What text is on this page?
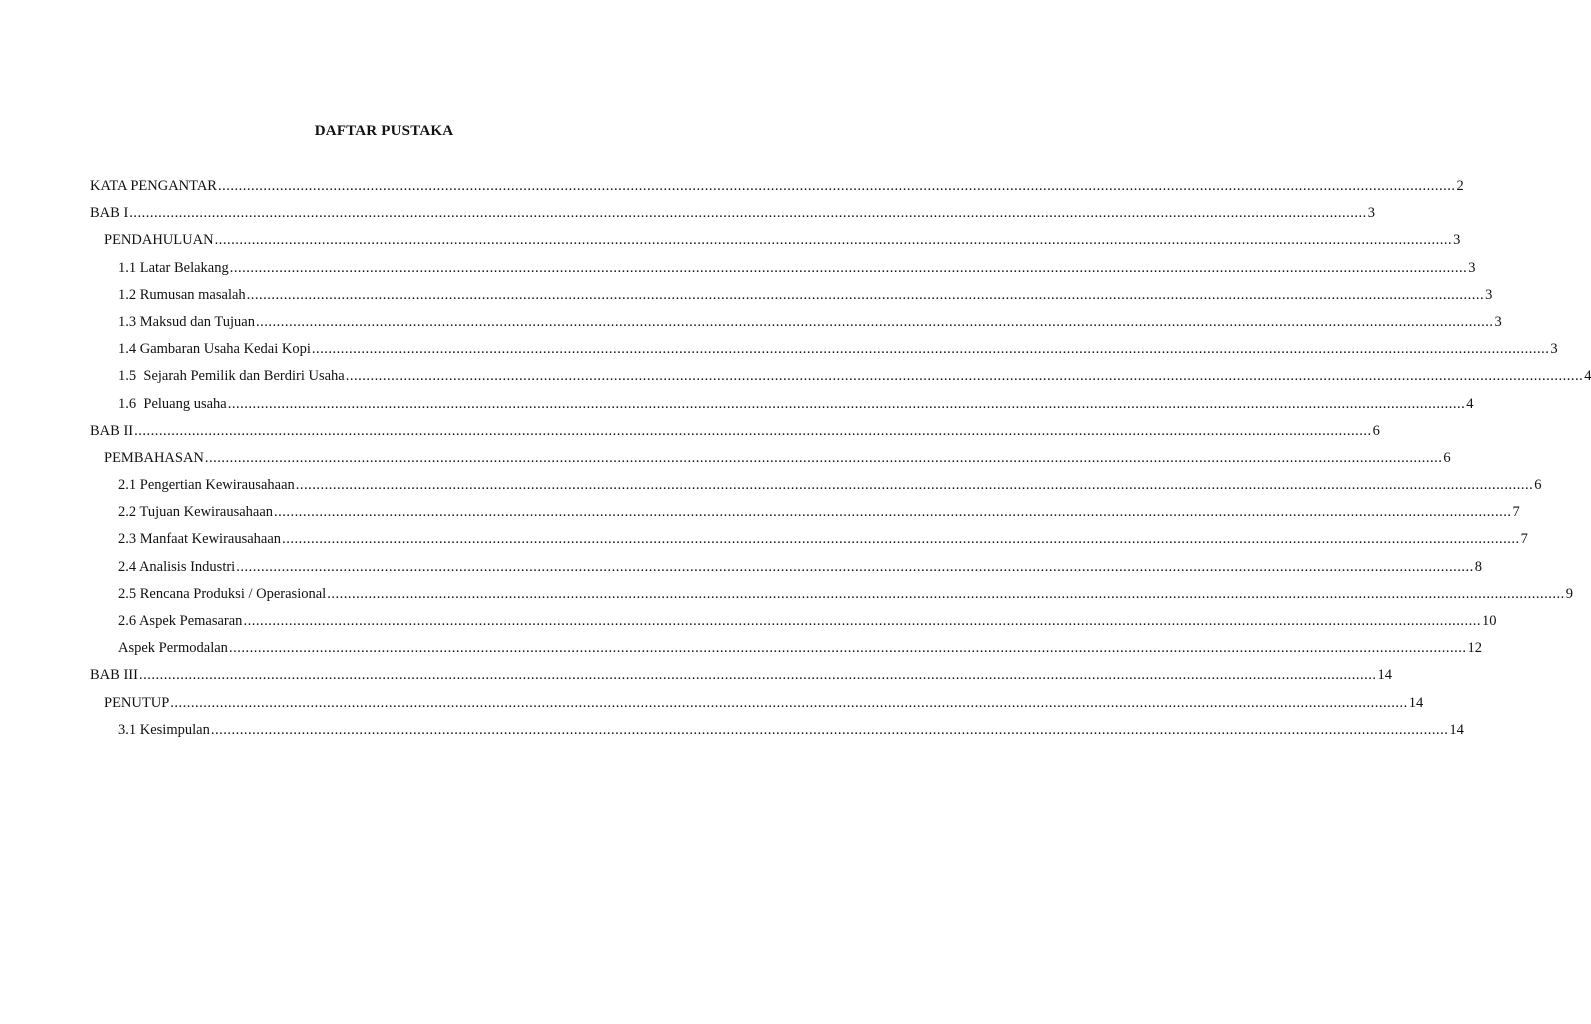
DAFTAR PUSTAKA
KATA PENGANTAR ............................................................................................................................................................................................................................................................................................................ 2
BAB I ............................................................................................................................................................................................................................................................................................................ 3
PENDAHULUAN ............................................................................................................................................................................................................................................................................................................ 3
1.1 Latar Belakang ............................................................................................................................................................................................................................................................................................................ 3
1.2 Rumusan masalah ............................................................................................................................................................................................................................................................................................................ 3
1.3 Maksud dan Tujuan ............................................................................................................................................................................................................................................................................................................ 3
1.4 Gambaran Usaha Kedai Kopi ............................................................................................................................................................................................................................................................................................................ 3
1.5  Sejarah Pemilik dan Berdiri Usaha ............................................................................................................................................................................................................................................................................................................ 4
1.6  Peluang usaha ............................................................................................................................................................................................................................................................................................................ 4
BAB II ............................................................................................................................................................................................................................................................................................................ 6
PEMBAHASAN ............................................................................................................................................................................................................................................................................................................ 6
2.1 Pengertian Kewirausahaan ............................................................................................................................................................................................................................................................................................................ 6
2.2 Tujuan Kewirausahaan ............................................................................................................................................................................................................................................................................................................ 7
2.3 Manfaat Kewirausahaan ............................................................................................................................................................................................................................................................................................................ 7
2.4 Analisis Industri ............................................................................................................................................................................................................................................................................................................ 8
2.5 Rencana Produksi / Operasional ............................................................................................................................................................................................................................................................................................................ 9
2.6 Aspek Pemasaran ............................................................................................................................................................................................................................................................................................................ 10
Aspek Permodalan ............................................................................................................................................................................................................................................................................................................ 12
BAB III ............................................................................................................................................................................................................................................................................................................ 14
PENUTUP ............................................................................................................................................................................................................................................................................................................ 14
3.1 Kesimpulan ............................................................................................................................................................................................................................................................................................................ 14
